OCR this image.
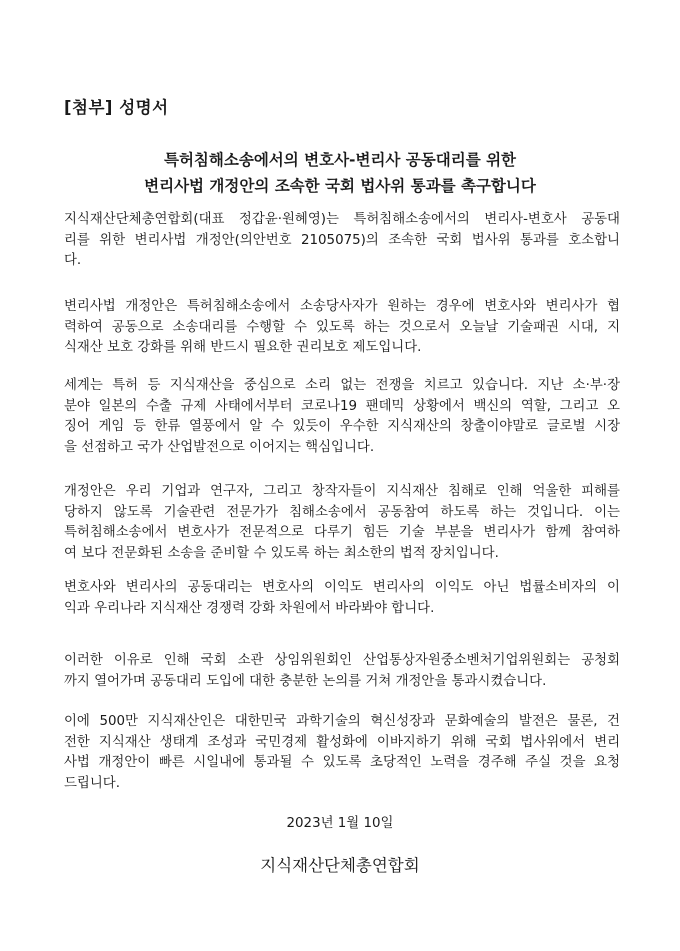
[첨부] 성명서
특허침해소송에서의 변호사-변리사 공동대리를 위한
변리사법 개정안의 조속한 국회 법사위 통과를 촉구합니다
지식재산단체총연합회(대표 정갑윤·원혜영)는 특허침해소송에서의 변리사-변호사 공동대
리를 위한 변리사법 개정안(의안번호 2105075)의 조속한 국회 법사위 통과를 호소합니
다.
변리사법 개정안은 특허침해소송에서 소송당사자가 원하는 경우에 변호사와 변리사가 협
력하여 공동으로 소송대리를 수행할 수 있도록 하는 것으로서 오늘날 기술패권 시대, 지
식재산 보호 강화를 위해 반드시 필요한 권리보호 제도입니다.
세계는 특허 등 지식재산을 중심으로 소리 없는 전쟁을 치르고 있습니다. 지난 소·부·장
분야 일본의 수출 규제 사태에서부터 코로나19 팬데믹 상황에서 백신의 역할, 그리고 오
징어 게임 등 한류 열풍에서 알 수 있듯이 우수한 지식재산의 창출이야말로 글로벌 시장
을 선점하고 국가 산업발전으로 이어지는 핵심입니다.
개정안은 우리 기업과 연구자, 그리고 창작자들이 지식재산 침해로 인해 억울한 피해를
당하지 않도록 기술관련 전문가가 침해소송에서 공동참여 하도록 하는 것입니다. 이는
특허침해소송에서 변호사가 전문적으로 다루기 힘든 기술 부분을 변리사가 함께 참여하
여 보다 전문화된 소송을 준비할 수 있도록 하는 최소한의 법적 장치입니다.
변호사와 변리사의 공동대리는 변호사의 이익도 변리사의 이익도 아닌 법률소비자의 이
익과 우리나라 지식재산 경쟁력 강화 차원에서 바라봐야 합니다.
이러한 이유로 인해 국회 소관 상임위원회인 산업통상자원중소벤처기업위원회는 공청회
까지 열어가며 공동대리 도입에 대한 충분한 논의를 거쳐 개정안을 통과시켰습니다.
이에 500만 지식재산인은 대한민국 과학기술의 혁신성장과 문화예술의 발전은 물론, 건
전한 지식재산 생태계 조성과 국민경제 활성화에 이바지하기 위해 국회 법사위에서 변리
사법 개정안이 빠른 시일내에 통과될 수 있도록 초당적인 노력을 경주해 주실 것을 요청
드립니다.
2023년 1월 10일
지식재산단체총연합회
